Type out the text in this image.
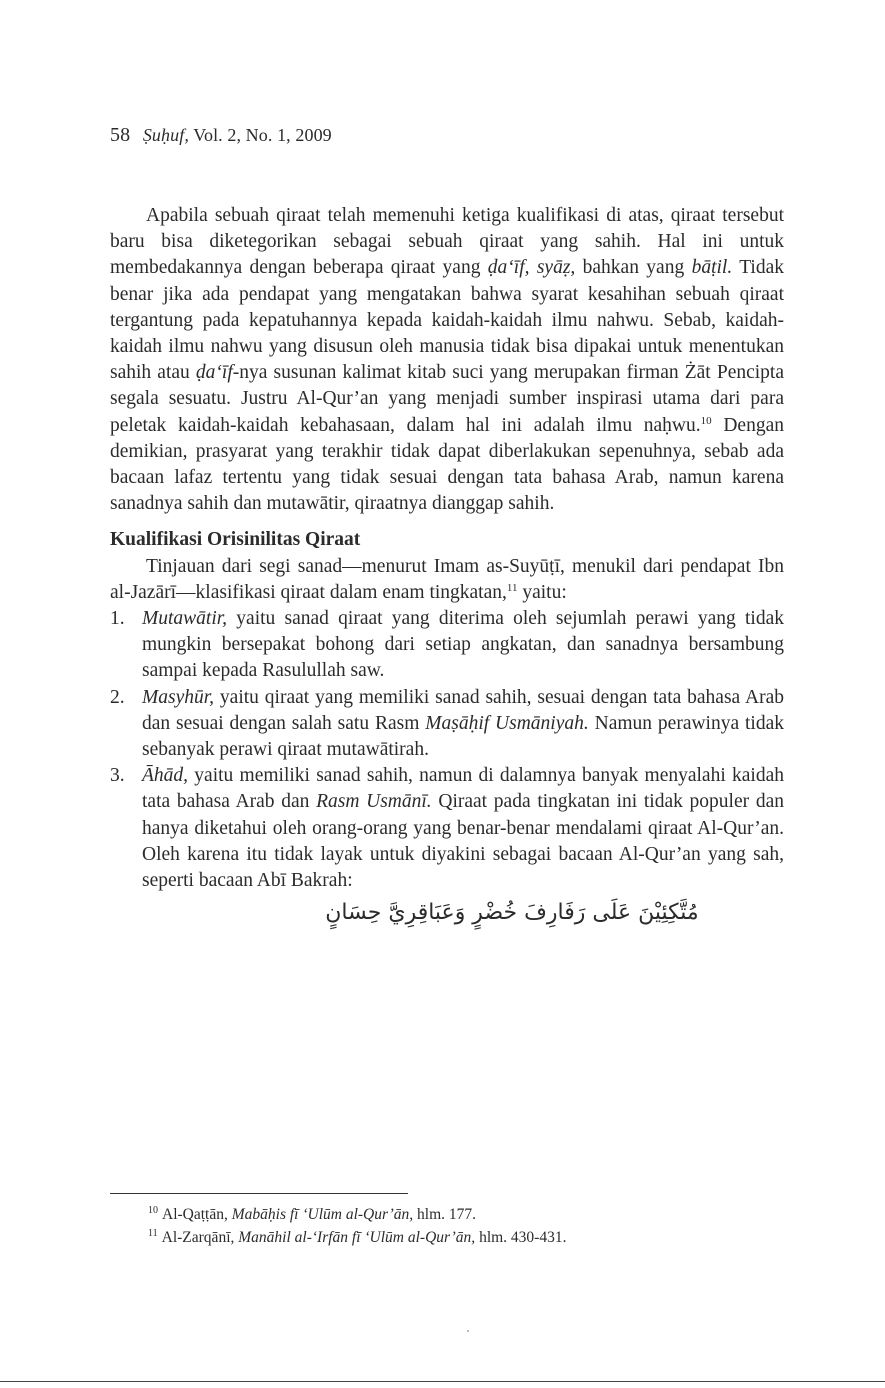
58 Ṣuḥuf, Vol. 2, No. 1, 2009

Apabila sebuah qiraat telah memenuhi ketiga kualifikasi di atas, qiraat tersebut baru bisa diketegorikan sebagai sebuah qiraat yang sahih. Hal ini untuk membedakannya dengan beberapa qiraat yang ḍa‘īf, syāẓ, bahkan yang bāṭil. Tidak benar jika ada pendapat yang mengatakan bahwa syarat kesahihan sebuah qiraat tergantung pada kepatuhannya kepada kaidah-kaidah ilmu nahwu. Sebab, kaidah-kaidah ilmu nahwu yang disusun oleh manusia tidak bisa dipakai untuk menentukan sahih atau ḍa‘īf-nya susunan kalimat kitab suci yang merupakan firman Żāt Pencipta segala sesuatu. Justru Al-Qur’an yang menjadi sumber inspirasi utama dari para peletak kaidah-kaidah kebahasaan, dalam hal ini adalah ilmu naḥwu.$^{10}$ Dengan demikian, prasyarat yang terakhir tidak dapat diberlakukan sepenuhnya, sebab ada bacaan lafaz tertentu yang tidak sesuai dengan tata bahasa Arab, namun karena sanadnya sahih dan mutawātir, qiraatnya dianggap sahih.

Kualifikasi Orisinilitas Qiraat

Tinjauan dari segi sanad—menurut Imam as-Suyūṭī, menukil dari pendapat Ibn al-Jazārī—klasifikasi qiraat dalam enam tingkatan,$^{11}$ yaitu:

1. Mutawātir, yaitu sanad qiraat yang diterima oleh sejumlah perawi yang tidak mungkin bersepakat bohong dari setiap angkatan, dan sanadnya bersambung sampai kepada Rasulullah saw.
2. Masyhūr, yaitu qiraat yang memiliki sanad sahih, sesuai dengan tata bahasa Arab dan sesuai dengan salah satu Rasm Maṣāḥif Usmāniyah. Namun perawinya tidak sebanyak perawi qiraat mutawātirah.
3. Āhād, yaitu memiliki sanad sahih, namun di dalamnya banyak menyalahi kaidah tata bahasa Arab dan Rasm Usmānī. Qiraat pada tingkatan ini tidak populer dan hanya diketahui oleh orang-orang yang benar-benar mendalami qiraat Al-Qur’an. Oleh karena itu tidak layak untuk diyakini sebagai bacaan Al-Qur’an yang sah, seperti bacaan Abī Bakrah:
مُتَّكِئِيْنَ عَلَى رَفَارِفَ خُضْرٍ وَعَبَاقِرِيَّ حِسَانٍ
$^{10}$ Al-Qaṭṭān, Mabāḥis fī ‘Ulūm al-Qur’ān, hlm. 177.
$^{11}$ Al-Zarqānī, Manāhil al-‘Irfān fī ‘Ulūm al-Qur’ān, hlm. 430-431.
